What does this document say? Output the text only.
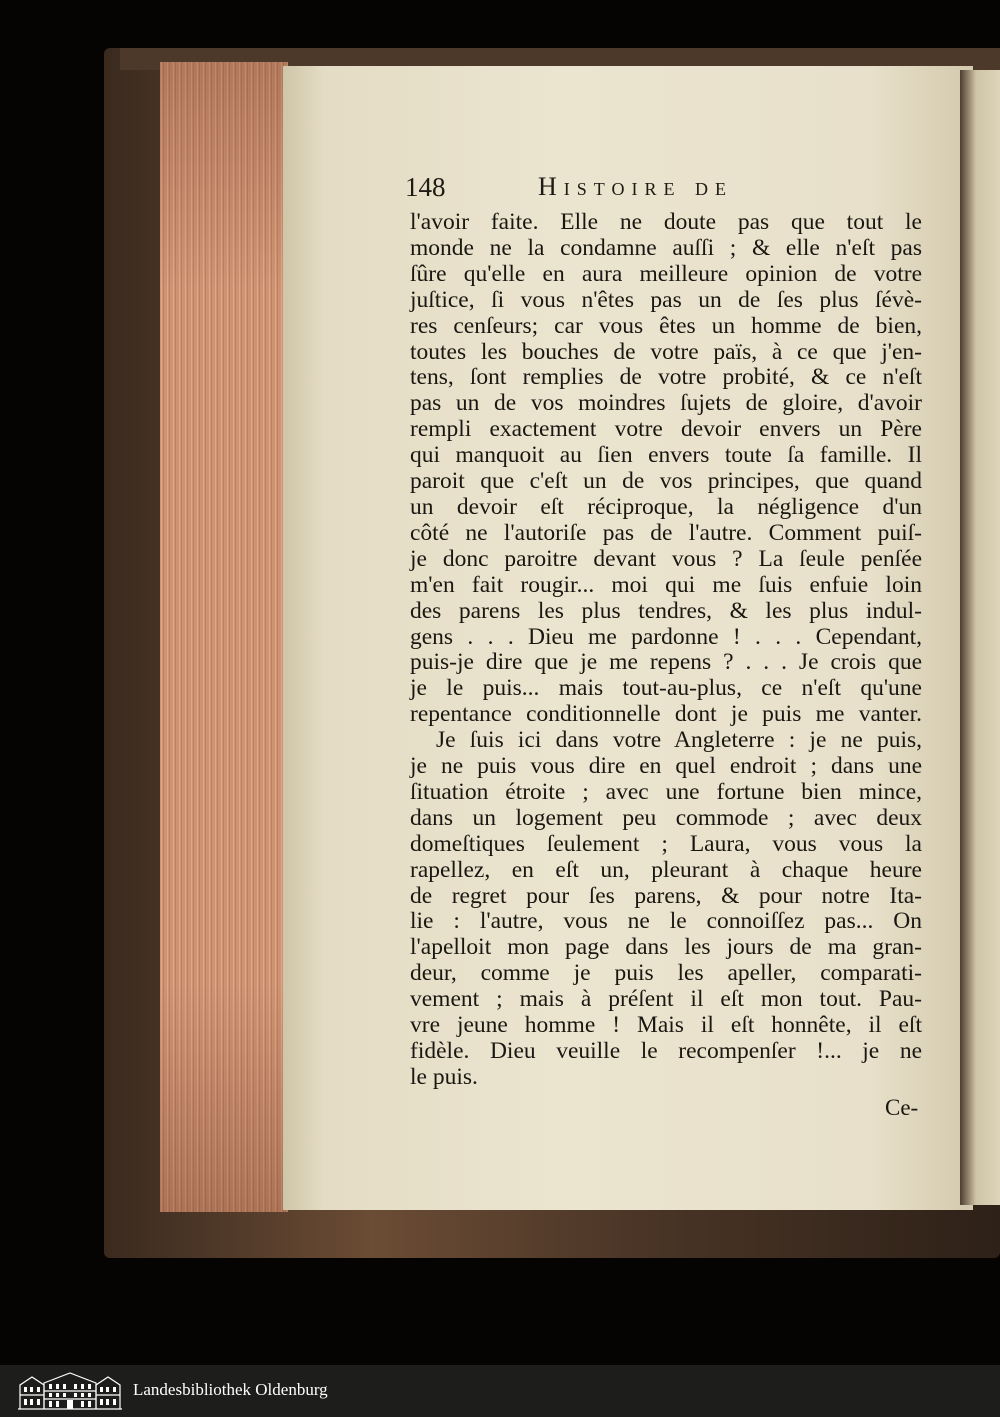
148	Histoire de

l'avoir faite. Elle ne doute pas que tout le
monde ne la condamne auſſi ; & elle n'eſt pas
ſûre qu'elle en aura meilleure opinion de votre
juſtice, ſi vous n'êtes pas un de ſes plus ſévè-
res cenſeurs; car vous êtes un homme de bien,
toutes les bouches de votre païs, à ce que j'en-
tens, ſont remplies de votre probité, & ce n'eſt
pas un de vos moindres ſujets de gloire, d'avoir
rempli exactement votre devoir envers un Père
qui manquoit au ſien envers toute ſa famille. Il
paroit que c'eſt un de vos principes, que quand
un devoir eſt réciproque, la négligence d'un
côté ne l'autoriſe pas de l'autre. Comment puiſ-
je donc paroitre devant vous ? La ſeule penſée
m'en fait rougir... moi qui me ſuis enfuie loin
des parens les plus tendres, & les plus indul-
gens . . . Dieu me pardonne ! . . . Cependant,
puis-je dire que je me repens ? . . . Je crois que
je le puis... mais tout-au-plus, ce n'eſt qu'une
repentance conditionnelle dont je puis me vanter.

Je ſuis ici dans votre Angleterre : je ne puis,
je ne puis vous dire en quel endroit ; dans une
ſituation étroite ; avec une fortune bien mince,
dans un logement peu commode ; avec deux
domeſtiques ſeulement ; Laura, vous vous la
rapellez, en eſt un, pleurant à chaque heure
de regret pour ſes parens, & pour notre Ita-
lie : l'autre, vous ne le connoiſſez pas... On
l'apelloit mon page dans les jours de ma gran-
deur, comme je puis les apeller, comparati-
vement ; mais à préſent il eſt mon tout. Pau-
vre jeune homme ! Mais il eſt honnête, il eſt
fidèle. Dieu veuille le recompenſer !... je ne
le puis.

Ce-
Landesbibliothek Oldenburg
